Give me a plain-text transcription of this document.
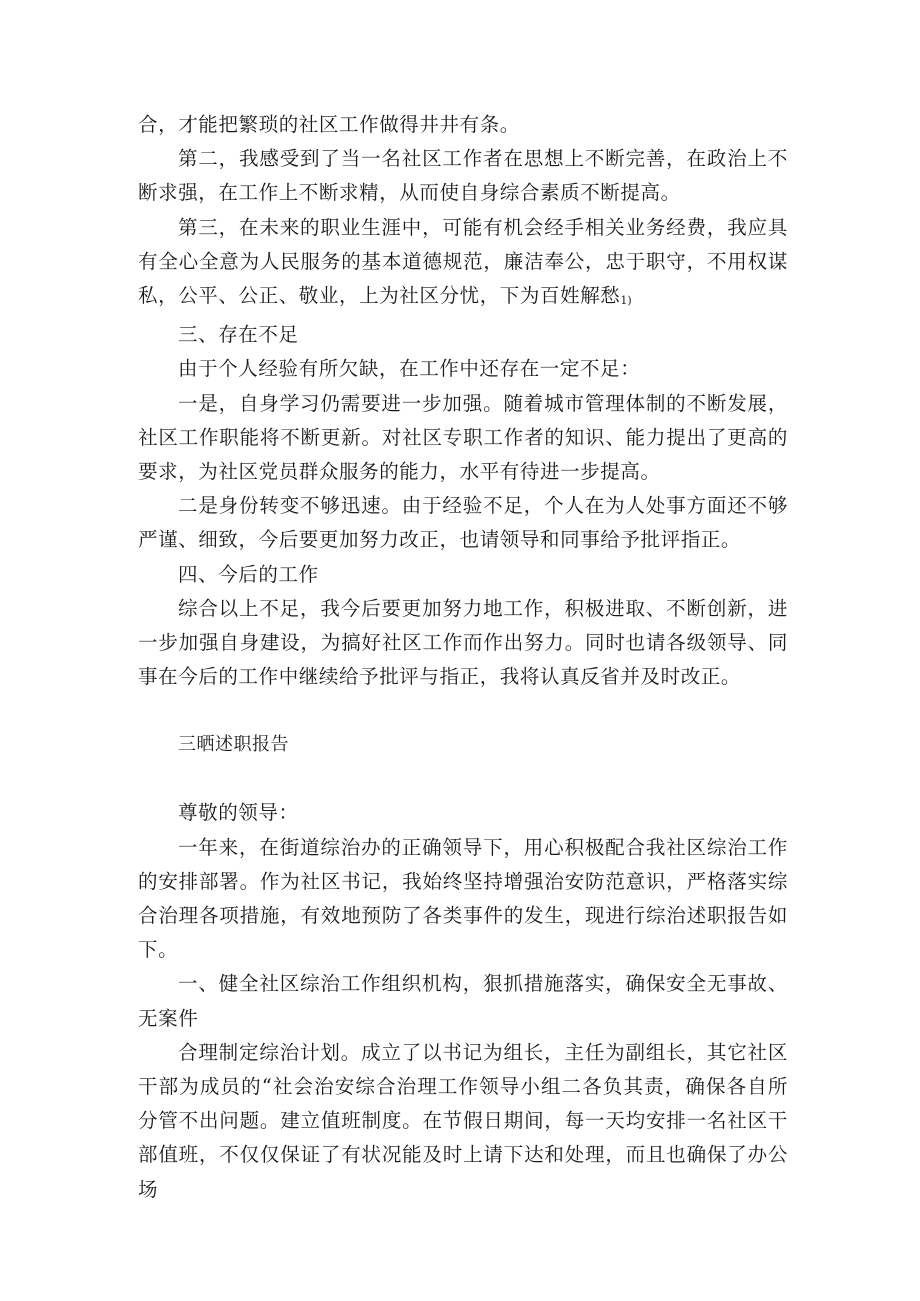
合，才能把繁琐的社区工作做得井井有条。

第二，我感受到了当一名社区工作者在思想上不断完善，在政治上不断求强，在工作上不断求精，从而使自身综合素质不断提高。

第三，在未来的职业生涯中，可能有机会经手相关业务经费，我应具有全心全意为人民服务的基本道德规范，廉洁奉公，忠于职守，不用权谋私，公平、公正、敬业，上为社区分忧，下为百姓解愁1)

三、存在不足

由于个人经验有所欠缺，在工作中还存在一定不足：

一是，自身学习仍需要进一步加强。随着城市管理体制的不断发展，社区工作职能将不断更新。对社区专职工作者的知识、能力提出了更高的要求，为社区党员群众服务的能力，水平有待进一步提高。

二是身份转变不够迅速。由于经验不足，个人在为人处事方面还不够严谨、细致，今后要更加努力改正，也请领导和同事给予批评指正。

四、今后的工作

综合以上不足，我今后要更加努力地工作，积极进取、不断创新，进一步加强自身建设，为搞好社区工作而作出努力。同时也请各级领导、同事在今后的工作中继续给予批评与指正，我将认真反省并及时改正。

三晒述职报告

尊敬的领导：

一年来，在街道综治办的正确领导下，用心积极配合我社区综治工作的安排部署。作为社区书记，我始终坚持增强治安防范意识，严格落实综合治理各项措施，有效地预防了各类事件的发生，现进行综治述职报告如下。

一、健全社区综治工作组织机构，狠抓措施落实，确保安全无事故、无案件

合理制定综治计划。成立了以书记为组长，主任为副组长，其它社区干部为成员的“社会治安综合治理工作领导小组二各负其责，确保各自所分管不出问题。建立值班制度。在节假日期间，每一天均安排一名社区干部值班，不仅仅保证了有状况能及时上请下达和处理，而且也确保了办公场
